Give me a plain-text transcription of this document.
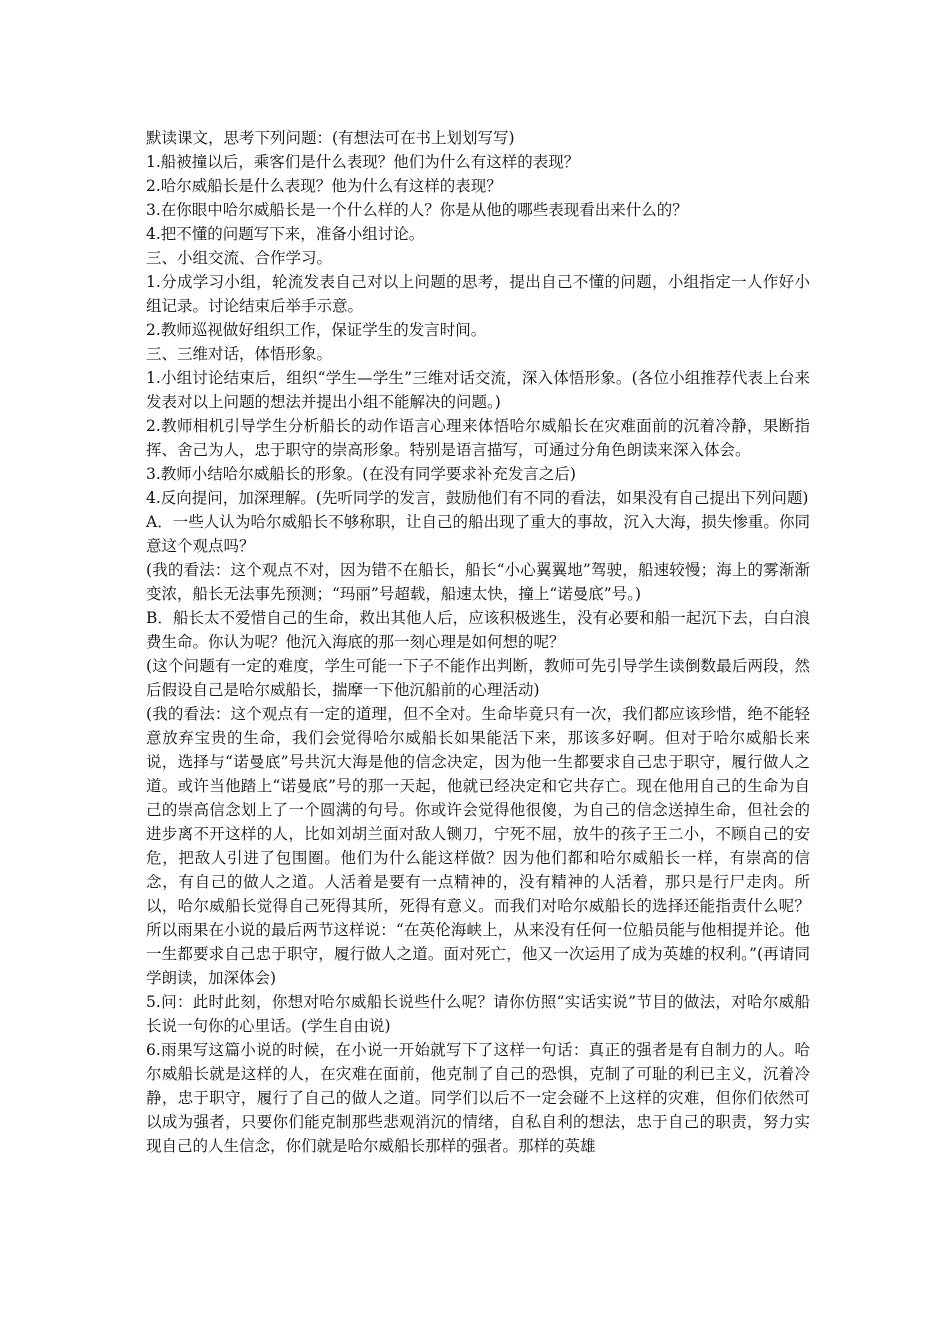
默读课文，思考下列问题：(有想法可在书上划划写写)

1.船被撞以后，乘客们是什么表现？他们为什么有这样的表现？

2.哈尔威船长是什么表现？他为什么有这样的表现？

3.在你眼中哈尔威船长是一个什么样的人？你是从他的哪些表现看出来什么的？

4.把不懂的问题写下来，准备小组讨论。

三、小组交流、合作学习。

1.分成学习小组，轮流发表自己对以上问题的思考，提出自己不懂的问题，小组指定一人作好小组记录。讨论结束后举手示意。

2.教师巡视做好组织工作，保证学生的发言时间。

三、三维对话，体悟形象。

1.小组讨论结束后，组织“学生—学生”三维对话交流，深入体悟形象。(各位小组推荐代表上台来发表对以上问题的想法并提出小组不能解决的问题。)

2.教师相机引导学生分析船长的动作语言心理来体悟哈尔威船长在灾难面前的沉着冷静，果断指挥、舍己为人，忠于职守的崇高形象。特别是语言描写，可通过分角色朗读来深入体会。

3.教师小结哈尔威船长的形象。(在没有同学要求补充发言之后)

4.反向提问，加深理解。(先听同学的发言，鼓励他们有不同的看法，如果没有自己提出下列问题)

A．一些人认为哈尔威船长不够称职，让自己的船出现了重大的事故，沉入大海，损失惨重。你同意这个观点吗？

(我的看法：这个观点不对，因为错不在船长，船长“小心翼翼地”驾驶，船速较慢；海上的雾渐渐变浓，船长无法事先预测；“玛丽”号超载，船速太快，撞上“诺曼底”号。)

B．船长太不爱惜自己的生命，救出其他人后，应该积极逃生，没有必要和船一起沉下去，白白浪费生命。你认为呢？他沉入海底的那一刻心理是如何想的呢？

(这个问题有一定的难度，学生可能一下子不能作出判断，教师可先引导学生读倒数最后两段，然后假设自己是哈尔威船长，揣摩一下他沉船前的心理活动)

(我的看法：这个观点有一定的道理，但不全对。生命毕竟只有一次，我们都应该珍惜，绝不能轻意放弃宝贵的生命，我们会觉得哈尔威船长如果能活下来，那该多好啊。但对于哈尔威船长来说，选择与“诺曼底”号共沉大海是他的信念决定，因为他一生都要求自己忠于职守，履行做人之道。或许当他踏上“诺曼底”号的那一天起，他就已经决定和它共存亡。现在他用自己的生命为自己的崇高信念划上了一个圆满的句号。你或许会觉得他很傻，为自己的信念送掉生命，但社会的进步离不开这样的人，比如刘胡兰面对敌人铡刀，宁死不屈，放牛的孩子王二小，不顾自己的安危，把敌人引进了包围圈。他们为什么能这样做？因为他们都和哈尔威船长一样，有崇高的信念，有自己的做人之道。人活着是要有一点精神的，没有精神的人活着，那只是行尸走肉。所以，哈尔威船长觉得自己死得其所，死得有意义。而我们对哈尔威船长的选择还能指责什么呢？所以雨果在小说的最后两节这样说：“在英伦海峡上，从来没有任何一位船员能与他相提并论。他一生都要求自己忠于职守，履行做人之道。面对死亡，他又一次运用了成为英雄的权利。”(再请同学朗读，加深体会)

5.问：此时此刻，你想对哈尔威船长说些什么呢？请你仿照“实话实说”节目的做法，对哈尔威船长说一句你的心里话。(学生自由说)

6.雨果写这篇小说的时候，在小说一开始就写下了这样一句话：真正的强者是有自制力的人。哈尔威船长就是这样的人，在灾难在面前，他克制了自己的恐惧，克制了可耻的利已主义，沉着冷静，忠于职守，履行了自己的做人之道。同学们以后不一定会碰不上这样的灾难，但你们依然可以成为强者，只要你们能克制那些悲观消沉的情绪，自私自利的想法，忠于自己的职责，努力实现自己的人生信念，你们就是哈尔威船长那样的强者。那样的英雄
